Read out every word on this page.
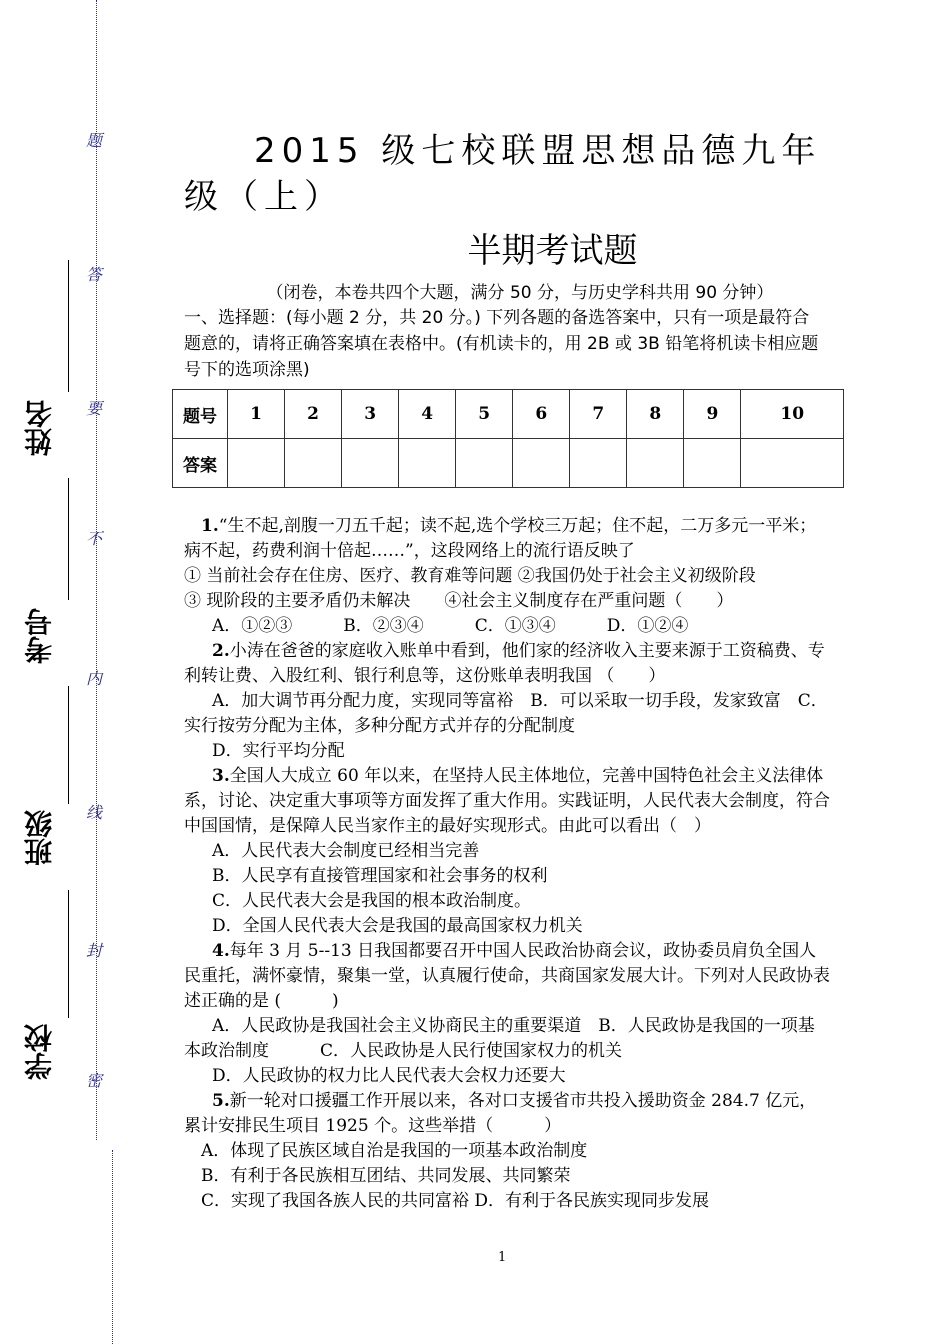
题
答
要
不
内
线
封
密
姓名
考号
班级
学校

2015 级七校联盟思想品德九年级（上）

半期考试题

（闭卷，本卷共四个大题，满分 50 分，与历史学科共用 90 分钟）

一、选择题：(每小题 2 分，共 20 分。) 下列各题的备选答案中，只有一项是最符合题意的，请将正确答案填在表格中。(有机读卡的，用 2B 或 3B 铅笔将机读卡相应题号下的选项涂黑)

题号	1	2	3	4	5	6	7	8	9	10
答案										

1.“生不起,剖腹一刀五千起；读不起,选个学校三万起；住不起，二万多元一平米；病不起，药费利润十倍起……”，这段网络上的流行语反映了

① 当前社会存在住房、医疗、教育难等问题 ②我国仍处于社会主义初级阶段

③ 现阶段的主要矛盾仍未解决　　④社会主义制度存在严重问题（　　）

A．①②③　　　B．②③④　　　C．①③④　　　D．①②④

2.小涛在爸爸的家庭收入账单中看到，他们家的经济收入主要来源于工资稿费、专利转让费、入股红利、银行利息等，这份账单表明我国 （　　）

A．加大调节再分配力度，实现同等富裕　B．可以采取一切手段，发家致富　C．实行按劳分配为主体，多种分配方式并存的分配制度

D．实行平均分配

3.全国人大成立 60 年以来，在坚持人民主体地位，完善中国特色社会主义法律体系，讨论、决定重大事项等方面发挥了重大作用。实践证明，人民代表大会制度，符合中国国情，是保障人民当家作主的最好实现形式。由此可以看出（　）

A．人民代表大会制度已经相当完善

B．人民享有直接管理国家和社会事务的权利

C．人民代表大会是我国的根本政治制度。

D．全国人民代表大会是我国的最高国家权力机关

4.每年 3 月 5--13 日我国都要召开中国人民政治协商会议，政协委员肩负全国人民重托，满怀豪情，聚集一堂，认真履行使命，共商国家发展大计。下列对人民政协表述正确的是 (　　　)

A．人民政协是我国社会主义协商民主的重要渠道　B．人民政协是我国的一项基本政治制度　　　C．人民政协是人民行使国家权力的机关

D．人民政协的权力比人民代表大会权力还要大

5.新一轮对口援疆工作开展以来，各对口支援省市共投入援助资金 284.7 亿元，累计安排民生项目 1925 个。这些举措（　　　）

A．体现了民族区域自治是我国的一项基本政治制度

B．有利于各民族相互团结、共同发展、共同繁荣

C．实现了我国各族人民的共同富裕 D．有利于各民族实现同步发展

1
